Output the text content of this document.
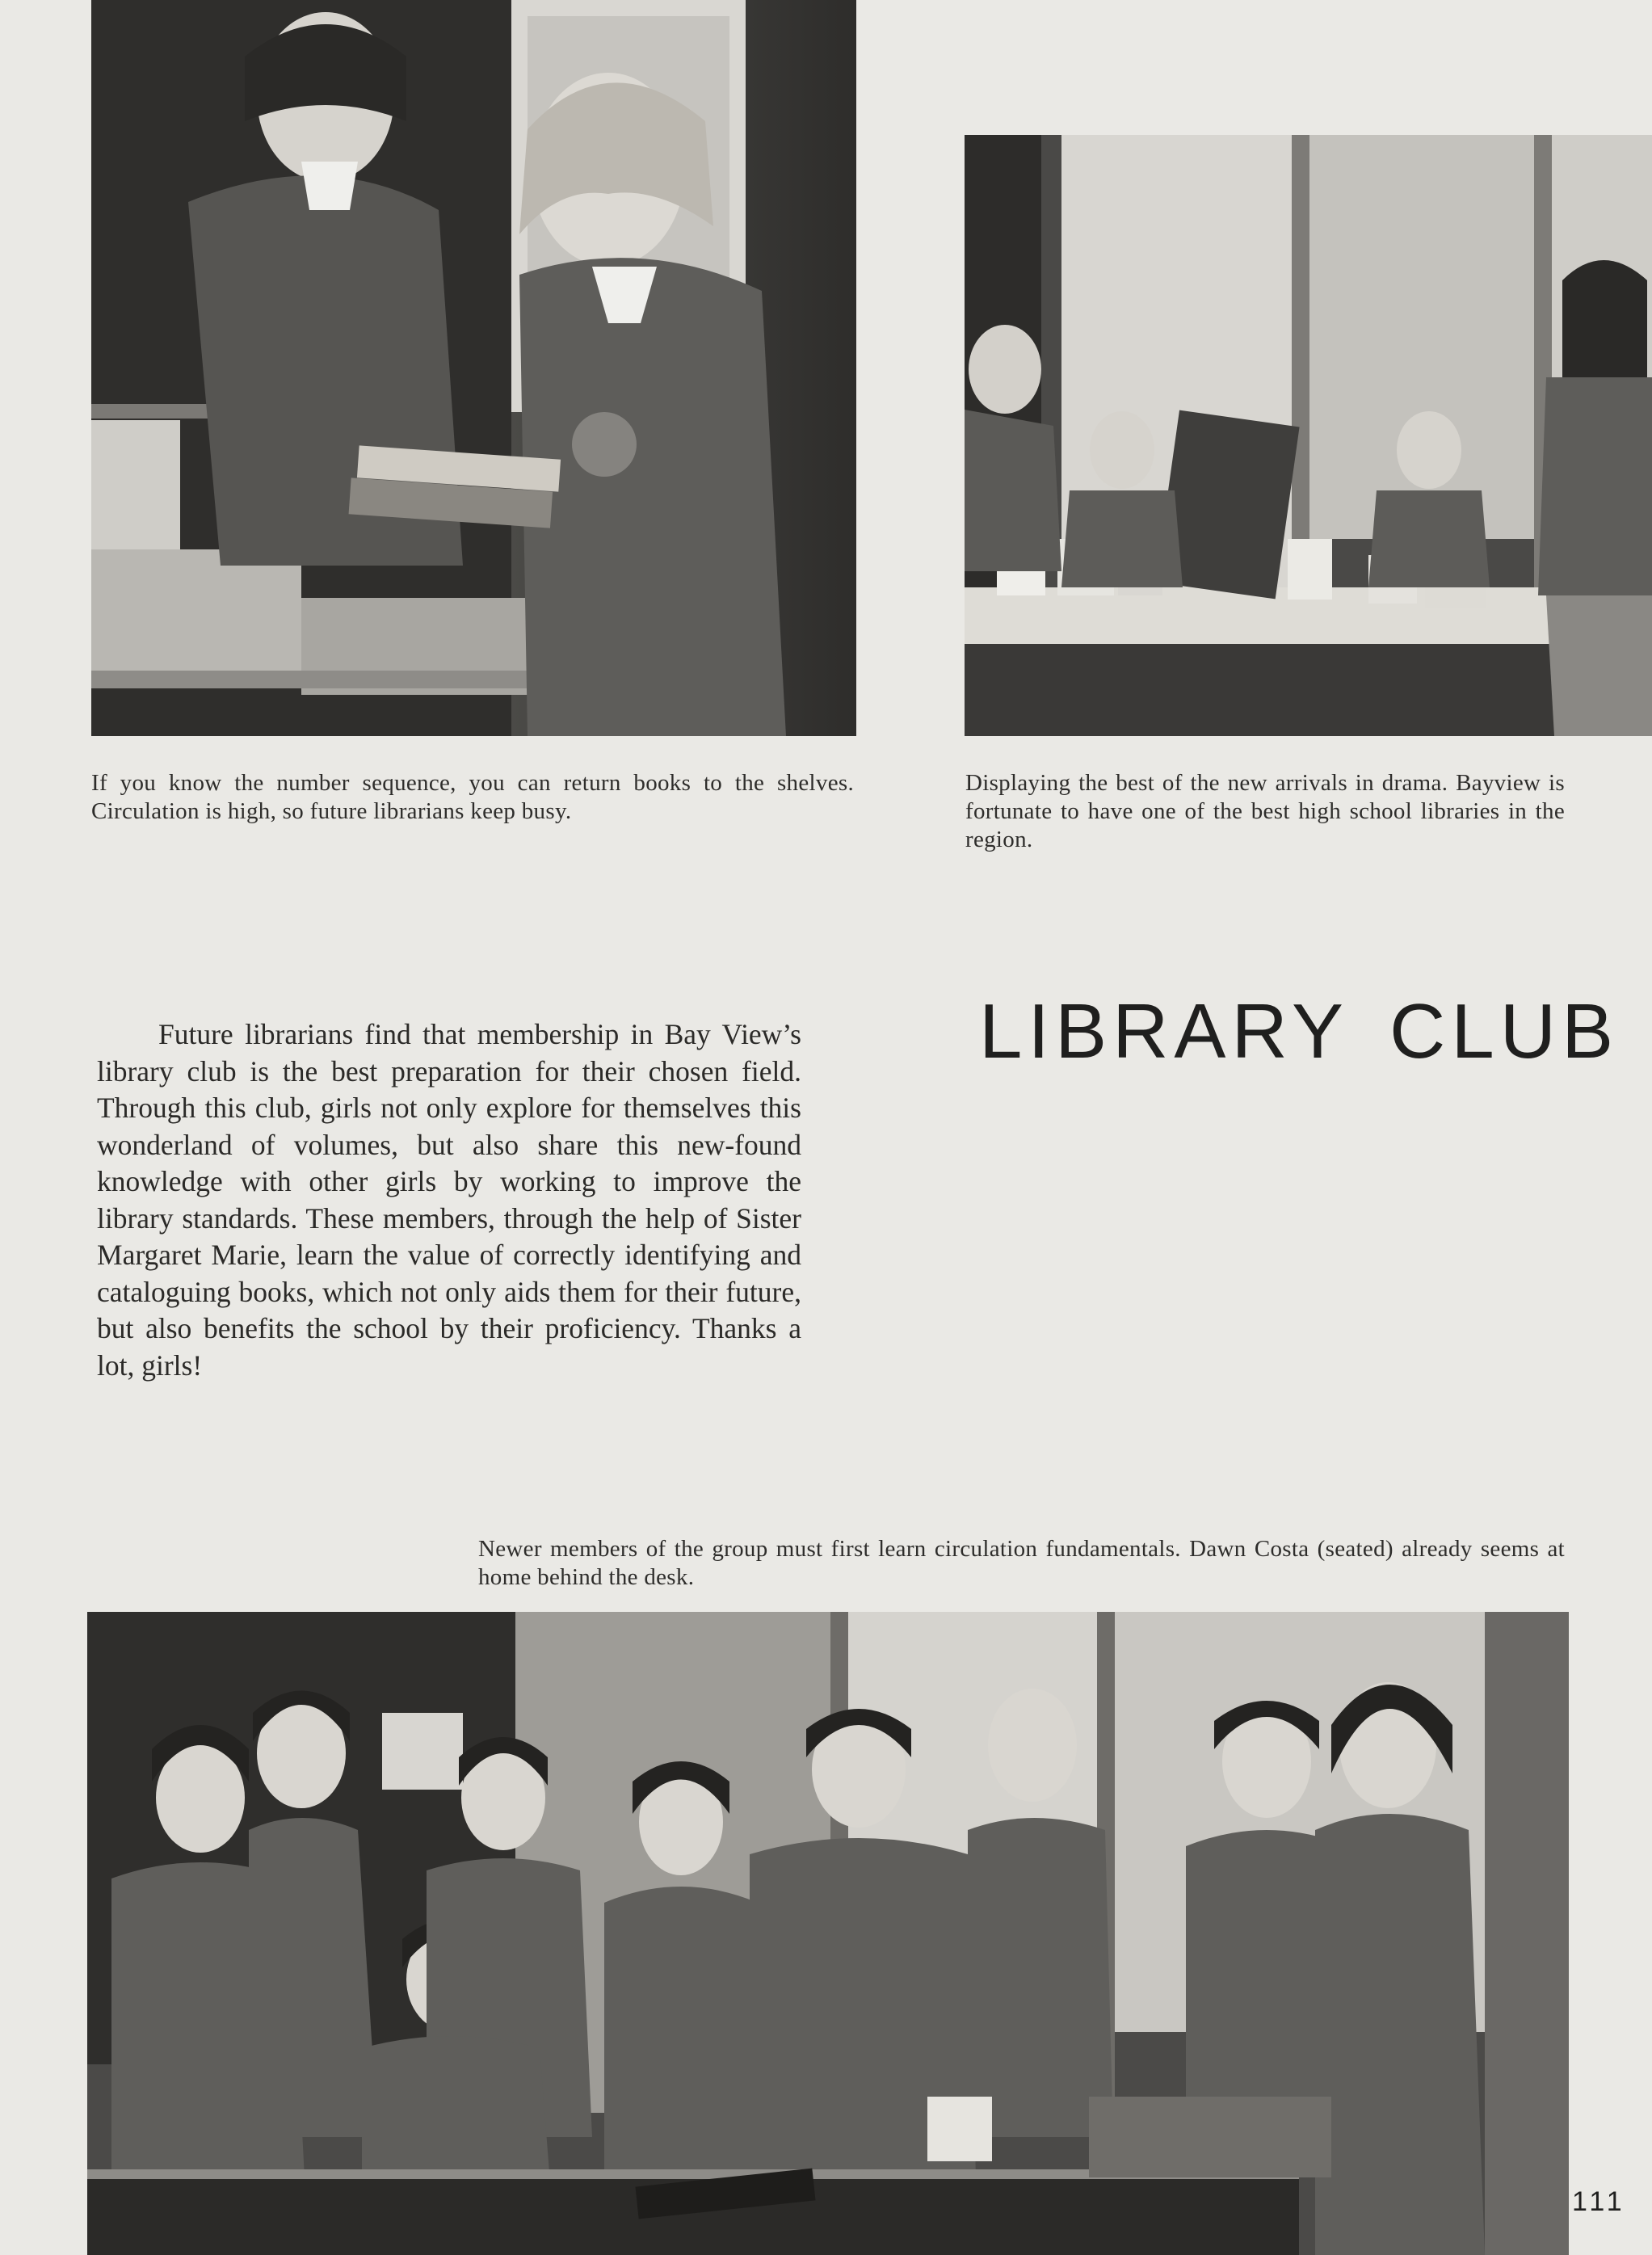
If you know the number sequence, you can return books to the shelves. Circulation is high, so future librarians keep busy.
Displaying the best of the new arrivals in drama. Bayview is fortunate to have one of the best high school libraries in the region.
LIBRARY CLUB
Future librarians find that membership in Bay View’s library club is the best preparation for their chosen field. Through this club, girls not only explore for themselves this wonderland of volumes, but also share this new-found knowledge with other girls by working to improve the library standards. These members, through the help of Sister Margaret Marie, learn the value of correctly identifying and cataloguing books, which not only aids them for their future, but also benefits the school by their proficiency. Thanks a lot, girls!
Newer members of the group must first learn circulation fundamentals. Dawn Costa (seated) already seems at home behind the desk.
111
